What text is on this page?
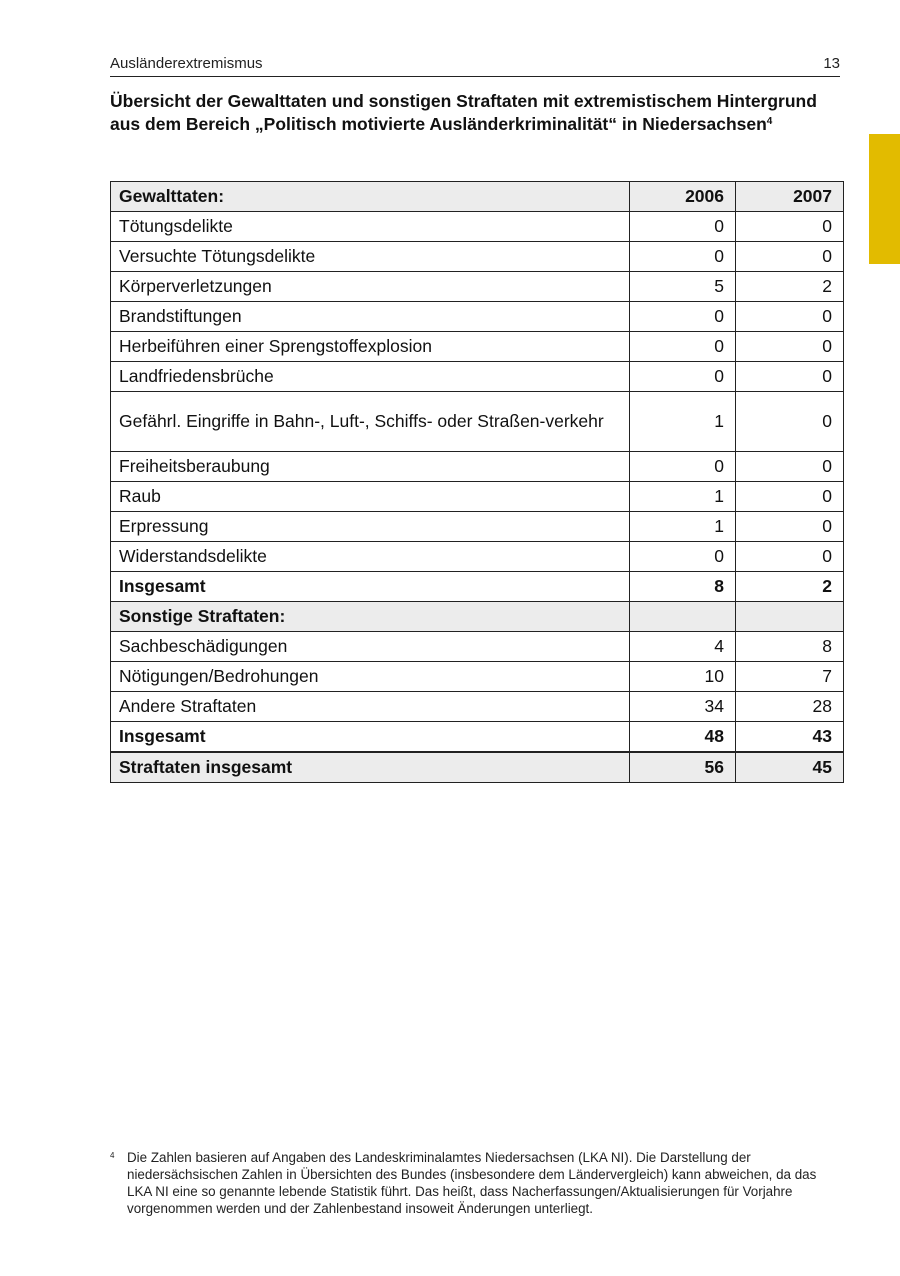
Ausländerextremismus	13
Übersicht der Gewalttaten und sonstigen Straftaten mit extremistischem Hintergrund aus dem Bereich „Politisch motivierte Ausländerkriminalität“ in Niedersachsen$^4$
Gewalttaten:	2006	2007
Tötungsdelikte	0	0
Versuchte Tötungsdelikte	0	0
Körperverletzungen	5	2
Brandstiftungen	0	0
Herbeiführen einer Sprengstoffexplosion	0	0
Landfriedensbrüche	0	0
Gefährl. Eingriffe in Bahn-, Luft-, Schiffs- oder Straßen-verkehr	1	0
Freiheitsberaubung	0	0
Raub	1	0
Erpressung	1	0
Widerstandsdelikte	0	0
Insgesamt	8	2
Sonstige Straftaten:		
Sachbeschädigungen	4	8
Nötigungen/Bedrohungen	10	7
Andere Straftaten	34	28
Insgesamt	48	43
Straftaten insgesamt	56	45
4 Die Zahlen basieren auf Angaben des Landeskriminalamtes Niedersachsen (LKA NI). Die Darstellung der niedersächsischen Zahlen in Übersichten des Bundes (insbesondere dem Ländervergleich) kann abweichen, da das LKA NI eine so genannte lebende Statistik führt. Das heißt, dass Nacherfassungen/Aktualisierungen für Vorjahre vorgenommen werden und der Zahlenbestand insoweit Änderungen unterliegt.
